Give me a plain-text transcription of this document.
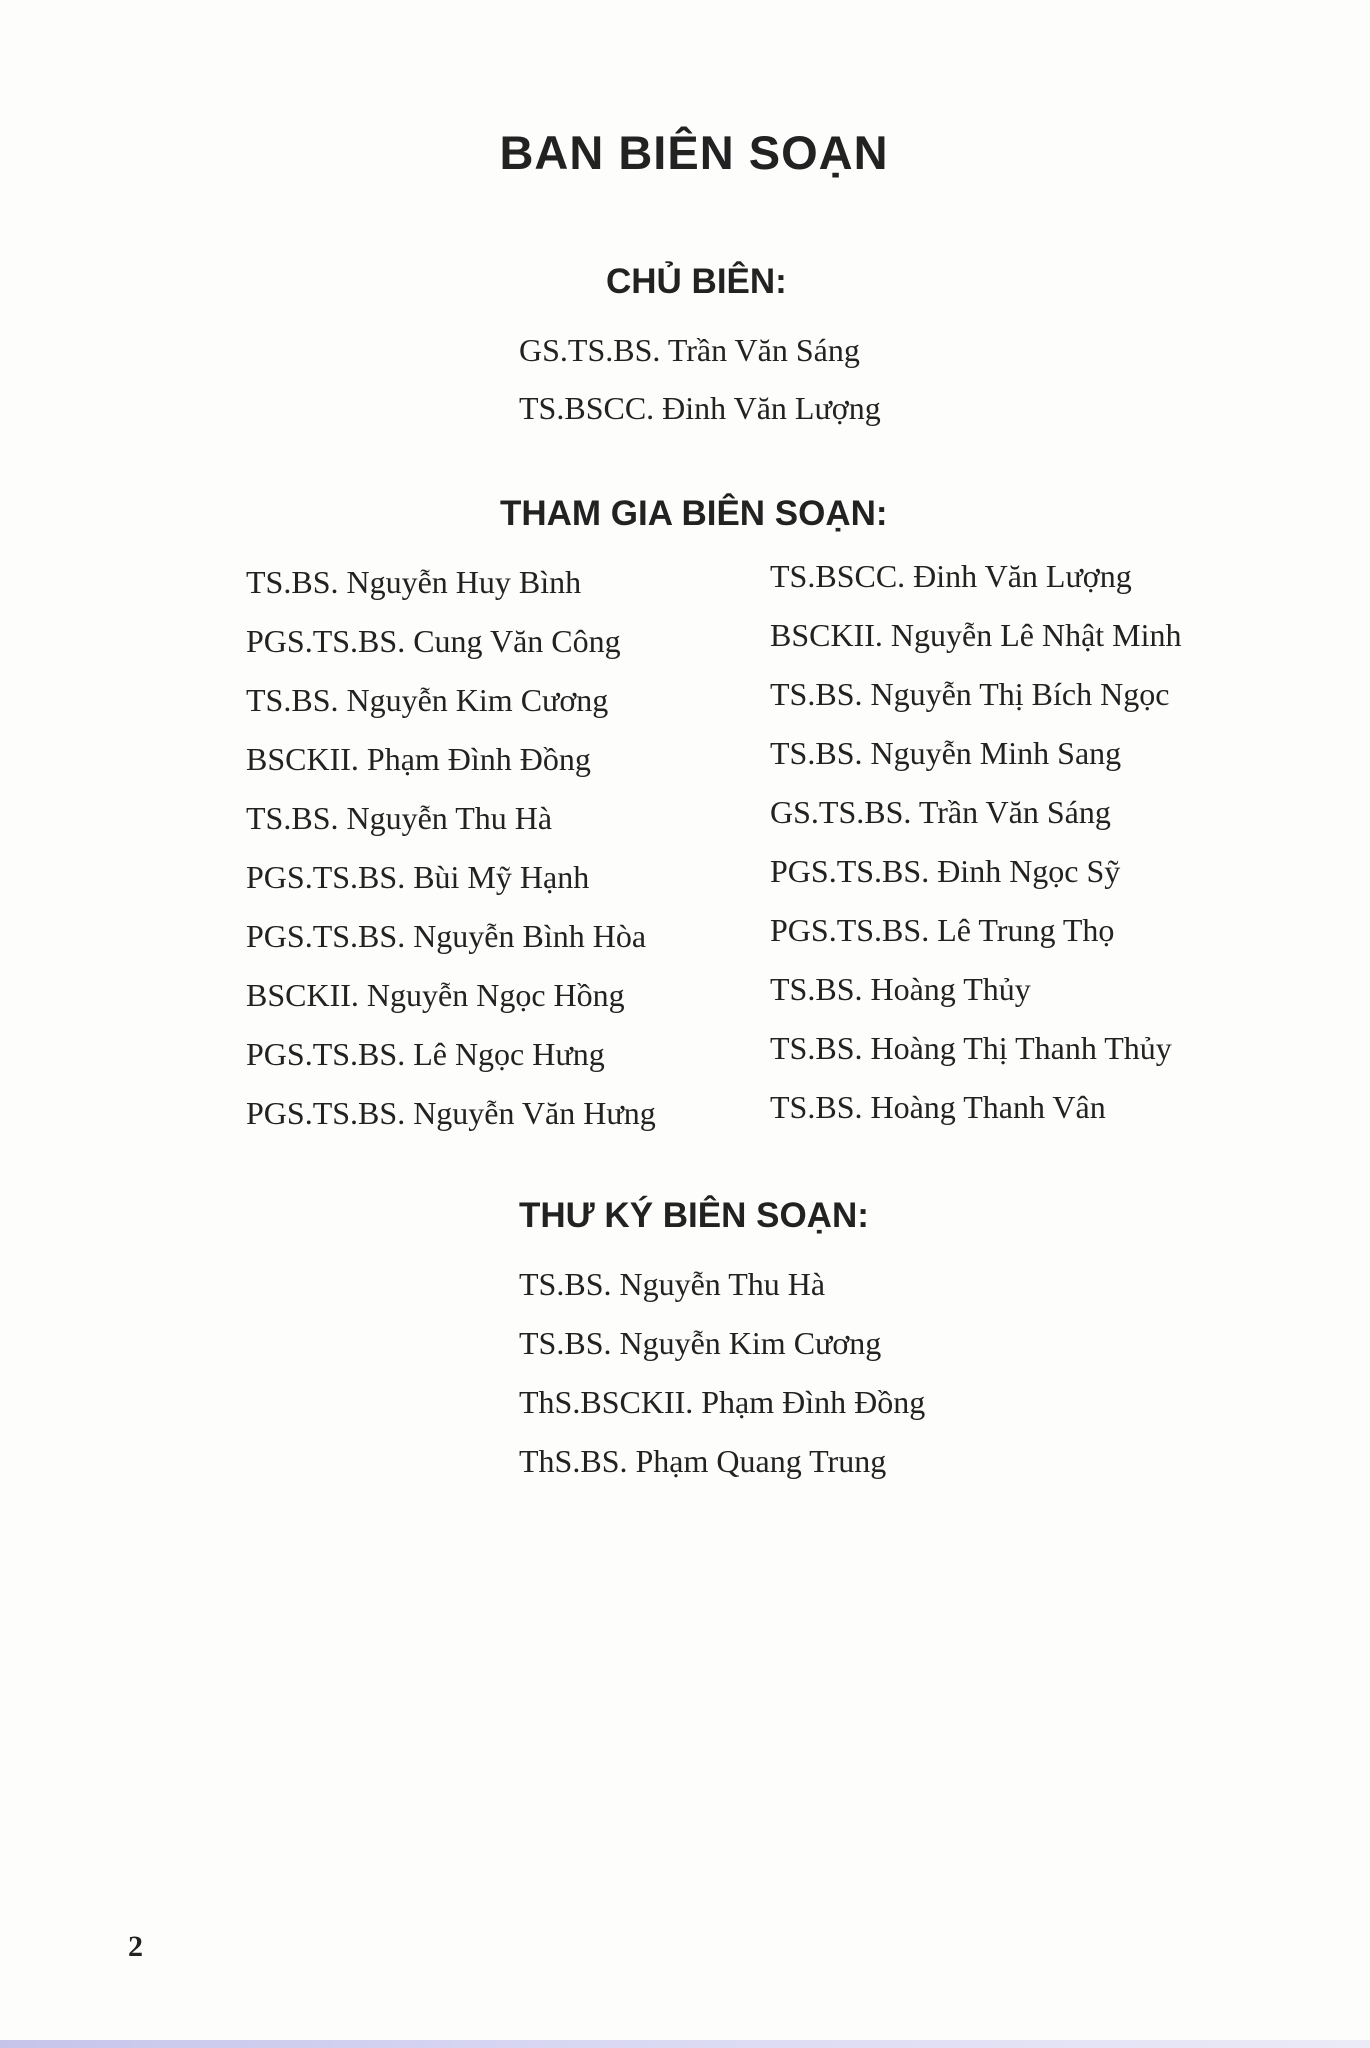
BAN BIÊN SOẠN
CHỦ BIÊN:
GS.TS.BS. Trần Văn Sáng
TS.BSCC. Đinh Văn Lượng
THAM GIA BIÊN SOẠN:
TS.BS. Nguyễn Huy Bình
PGS.TS.BS. Cung Văn Công
TS.BS. Nguyễn Kim Cương
BSCKII. Phạm Đình Đồng
TS.BS. Nguyễn Thu Hà
PGS.TS.BS. Bùi Mỹ Hạnh
PGS.TS.BS. Nguyễn Bình Hòa
BSCKII. Nguyễn Ngọc Hồng
PGS.TS.BS. Lê Ngọc Hưng
PGS.TS.BS. Nguyễn Văn Hưng
TS.BSCC. Đinh Văn Lượng
BSCKII. Nguyễn Lê Nhật Minh
TS.BS. Nguyễn Thị Bích Ngọc
TS.BS. Nguyễn Minh Sang
GS.TS.BS. Trần Văn Sáng
PGS.TS.BS. Đinh Ngọc Sỹ
PGS.TS.BS. Lê Trung Thọ
TS.BS. Hoàng Thủy
TS.BS. Hoàng Thị Thanh Thủy
TS.BS. Hoàng Thanh Vân
THƯ KÝ BIÊN SOẠN:
TS.BS. Nguyễn Thu Hà
TS.BS. Nguyễn Kim Cương
ThS.BSCKII. Phạm Đình Đồng
ThS.BS. Phạm Quang Trung
2
